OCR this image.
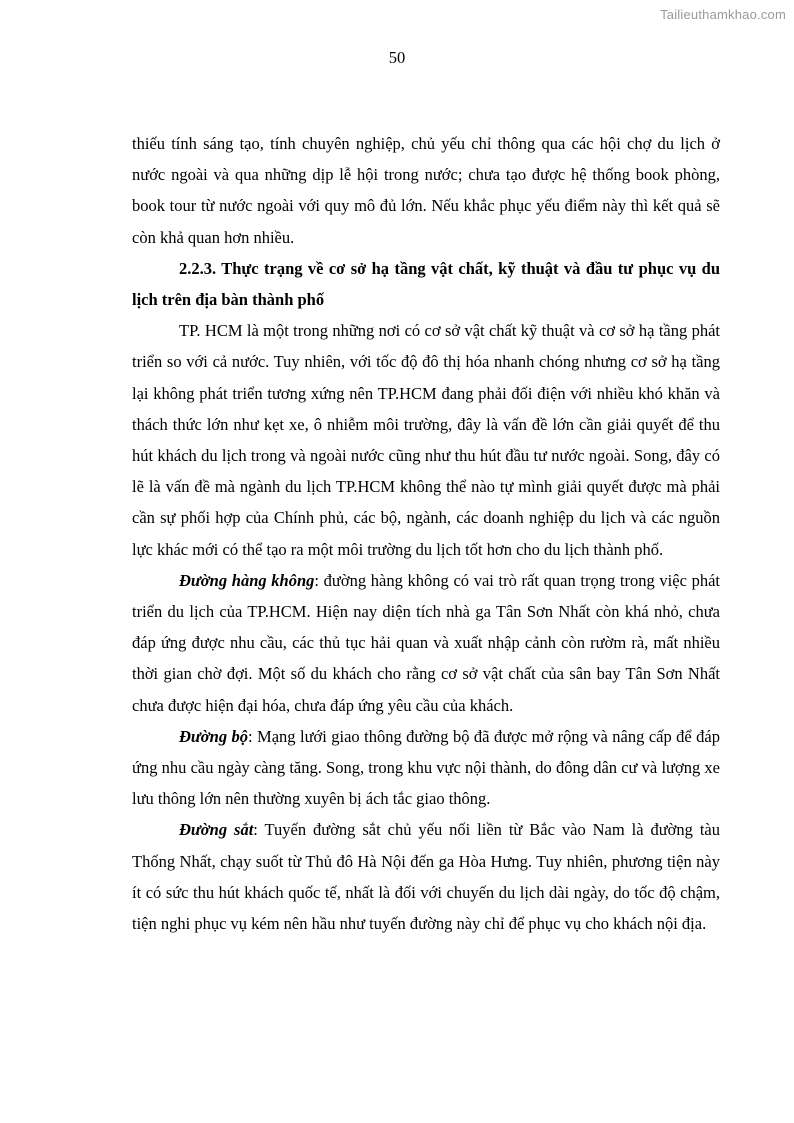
Tailieuthamkhao.com
50

thiếu tính sáng tạo, tính chuyên nghiệp, chủ yếu chỉ thông qua các hội chợ du lịch ở nước ngoài và qua những dịp lễ hội trong nước; chưa tạo được hệ thống book phòng, book tour từ nước ngoài với quy mô đủ lớn. Nếu khắc phục yếu điểm này thì kết quả sẽ còn khả quan hơn nhiều.

2.2.3. Thực trạng về cơ sở hạ tầng vật chất, kỹ thuật và đầu tư phục vụ du lịch trên địa bàn thành phố

TP. HCM là một trong những nơi có cơ sở vật chất kỹ thuật và cơ sở hạ tầng phát triển so với cả nước. Tuy nhiên, với tốc độ đô thị hóa nhanh chóng nhưng cơ sở hạ tầng lại không phát triển tương xứng nên TP.HCM đang phải đối điện với nhiều khó khăn và thách thức lớn như kẹt xe, ô nhiễm môi trường, đây là vấn đề lớn cần giải quyết để thu hút khách du lịch trong và ngoài nước cũng như thu hút đầu tư nước ngoài. Song, đây có lẽ là vấn đề mà ngành du lịch TP.HCM không thể nào tự mình giải quyết được mà phải cần sự phối hợp của Chính phủ, các bộ, ngành, các doanh nghiệp du lịch và các nguồn lực khác mới có thể tạo ra một môi trường du lịch tốt hơn cho du lịch thành phố.

Đường hàng không: đường hàng không có vai trò rất quan trọng trong việc phát triển du lịch của TP.HCM. Hiện nay diện tích nhà ga Tân Sơn Nhất còn khá nhỏ, chưa đáp ứng được nhu cầu, các thủ tục hải quan và xuất nhập cảnh còn rườm rà, mất nhiều thời gian chờ đợi. Một số du khách cho rằng cơ sở vật chất của sân bay Tân Sơn Nhất chưa được hiện đại hóa, chưa đáp ứng yêu cầu của khách.

Đường bộ: Mạng lưới giao thông đường bộ đã được mở rộng và nâng cấp để đáp ứng nhu cầu ngày càng tăng. Song, trong khu vực nội thành, do đông dân cư và lượng xe lưu thông lớn nên thường xuyên bị ách tắc giao thông.

Đường sắt: Tuyến đường sắt chủ yếu nối liền từ Bắc vào Nam là đường tàu Thống Nhất, chạy suốt từ Thủ đô Hà Nội đến ga Hòa Hưng. Tuy nhiên, phương tiện này ít có sức thu hút khách quốc tế, nhất là đối với chuyến du lịch dài ngày, do tốc độ chậm, tiện nghi phục vụ kém nên hầu như tuyến đường này chỉ để phục vụ cho khách nội địa.
